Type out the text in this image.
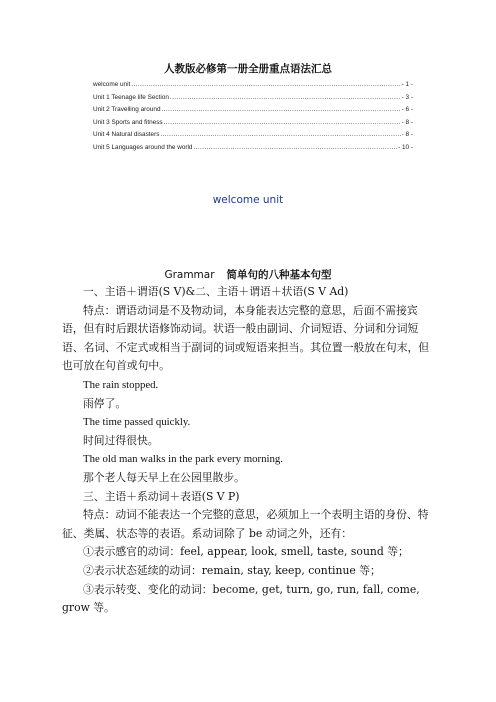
人教版必修第一册全册重点语法汇总
welcome unit .....	- 1 -
Unit 1 Teenage life Section .....	- 3 -
Unit 2 Travelling around .....	- 6 -
Unit 3 Sports and fitness .....	- 8 -
Unit 4 Natural disasters .....	- 8 -
Unit 5 Languages around the world .....	- 10 -
welcome unit
Grammar 简单句的八种基本句型

一、主语＋谓语(S V)&二、主语＋谓语＋状语(S V Ad)

特点：谓语动词是不及物动词，本身能表达完整的意思，后面不需接宾语，但有时后跟状语修饰动词。状语一般由副词、介词短语、分词和分词短语、名词、不定式或相当于副词的词或短语来担当。其位置一般放在句末，但也可放在句首或句中。

The rain stopped.

雨停了。

The time passed quickly.

时间过得很快。

The old man walks in the park every morning.

那个老人每天早上在公园里散步。

三、主语＋系动词＋表语(S V P)

特点：动词不能表达一个完整的意思，必须加上一个表明主语的身份、特征、类属、状态等的表语。系动词除了 be 动词之外，还有：

①表示感官的动词：feel, appear, look, smell, taste, sound 等；

②表示状态延续的动词：remain, stay, keep, continue 等；

③表示转变、变化的动词：become, get, turn, go, run, fall, come, grow 等。
